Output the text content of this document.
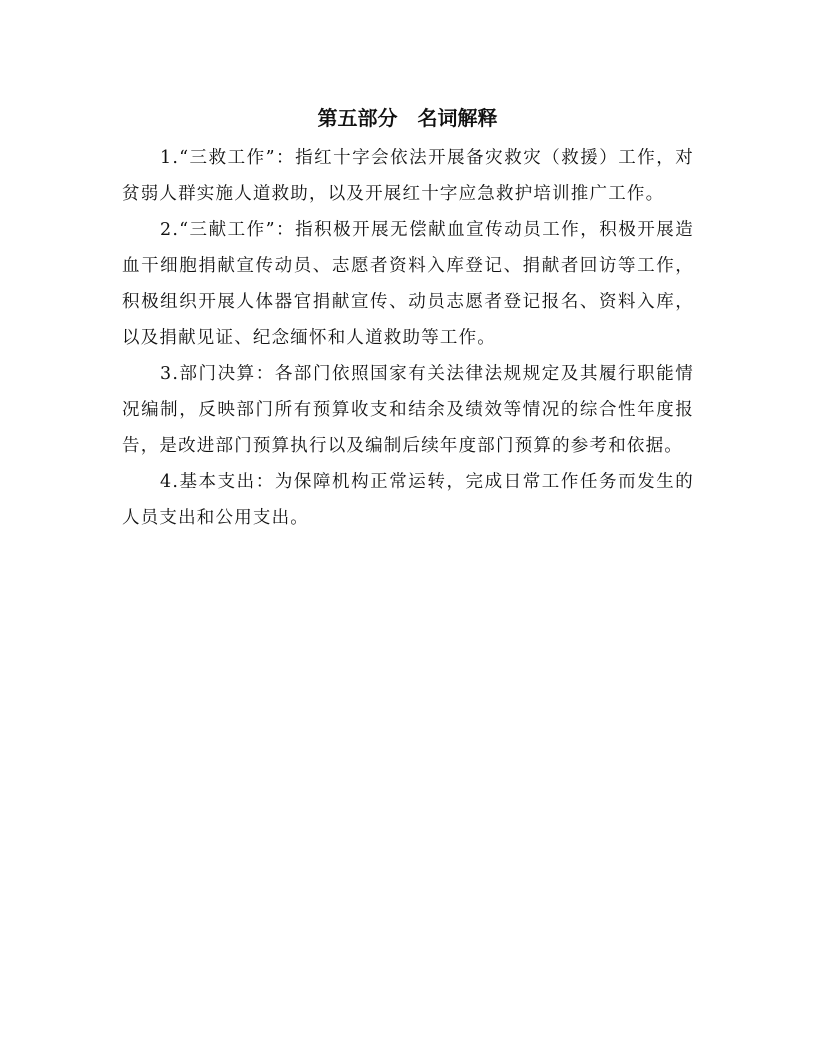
第五部分　名词解释

1.“三救工作”：指红十字会依法开展备灾救灾（救援）工作，对贫弱人群实施人道救助，以及开展红十字应急救护培训推广工作。

2.“三献工作”：指积极开展无偿献血宣传动员工作，积极开展造血干细胞捐献宣传动员、志愿者资料入库登记、捐献者回访等工作，积极组织开展人体器官捐献宣传、动员志愿者登记报名、资料入库，以及捐献见证、纪念缅怀和人道救助等工作。

3.部门决算：各部门依照国家有关法律法规规定及其履行职能情况编制，反映部门所有预算收支和结余及绩效等情况的综合性年度报告，是改进部门预算执行以及编制后续年度部门预算的参考和依据。

4.基本支出：为保障机构正常运转，完成日常工作任务而发生的人员支出和公用支出。
